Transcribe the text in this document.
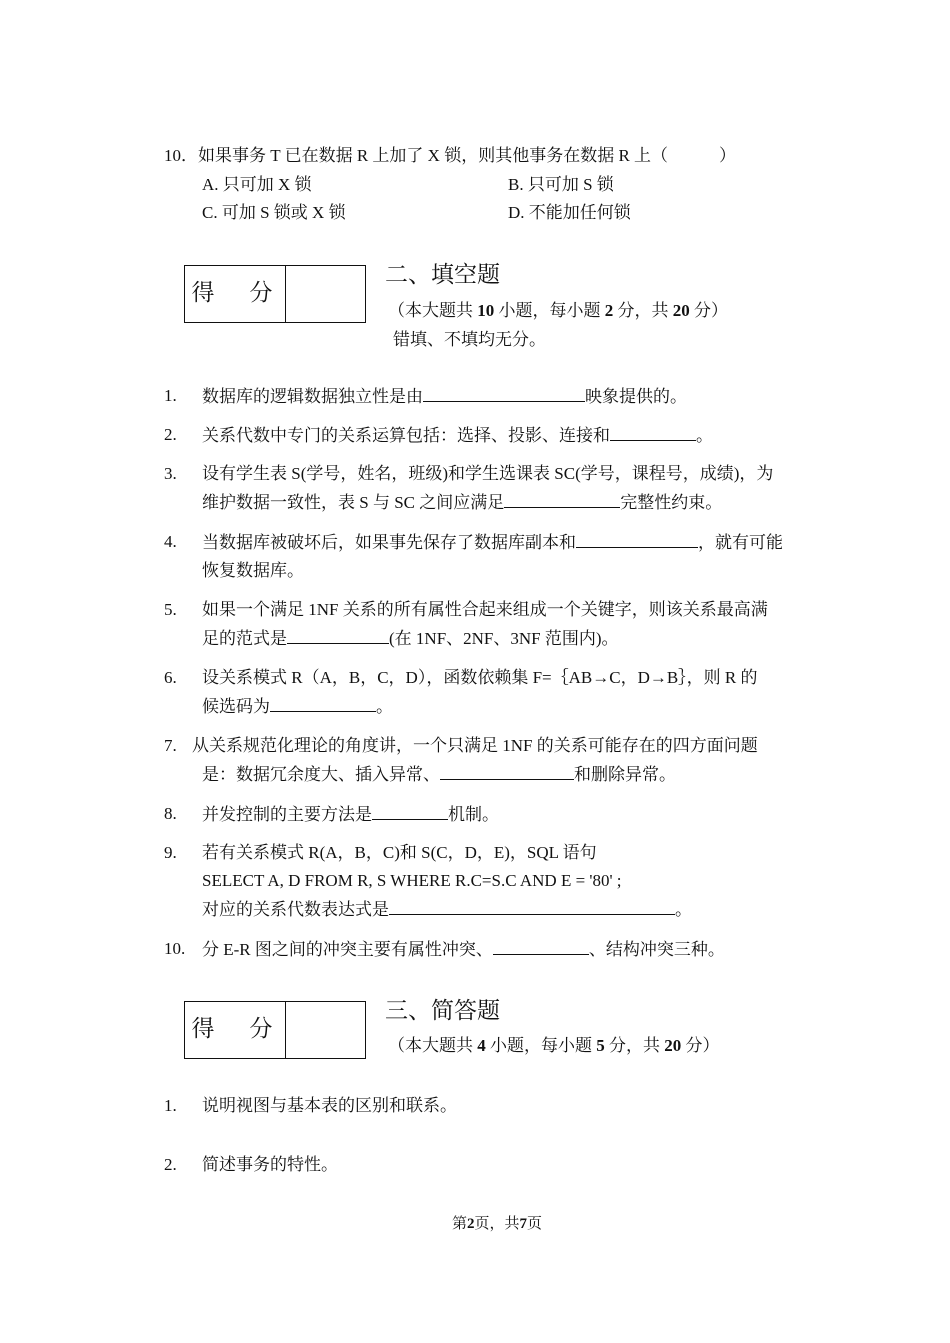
10．如果事务 T 已在数据 R 上加了 X 锁，则其他事务在数据 R 上（　　　）
A. 只可加 X 锁	B. 只可加 S 锁
C. 可加 S 锁或 X 锁	D. 不能加任何锁
得　分
二、填空题
（本大题共 10 小题，每小题 2 分，共 20 分）
错填、不填均无分。
1.	数据库的逻辑数据独立性是由	映象提供的。
2.	关系代数中专门的关系运算包括：选择、投影、连接和	。
3.	设有学生表 S(学号，姓名，班级)和学生选课表 SC(学号，课程号，成绩)，为
维护数据一致性，表 S 与 SC 之间应满足	完整性约束。
4.	当数据库被破坏后，如果事先保存了数据库副本和	，就有可能
恢复数据库。
5.	如果一个满足 1NF 关系的所有属性合起来组成一个关键字，则该关系最高满
足的范式是	(在 1NF、2NF、3NF 范围内)。
6.	设关系模式 R（A，B，C，D），函数依赖集 F=｛AB→C，D→B｝，则 R 的
候选码为	。
7. 从关系规范化理论的角度讲，一个只满足 1NF 的关系可能存在的四方面问题
是：数据冗余度大、插入异常、	和删除异常。
8.	并发控制的主要方法是	机制。
9.	若有关系模式 R(A，B，C)和 S(C，D，E)，SQL 语句
SELECT A, D FROM R, S WHERE R.C=S.C AND E = '80' ;
对应的关系代数表达式是	。
10. 分 E-R 图之间的冲突主要有属性冲突、	、结构冲突三种。
得　分
三、简答题
（本大题共 4 小题，每小题 5 分，共 20 分）
1.	说明视图与基本表的区别和联系。
2.	简述事务的特性。
第2页，共7页
